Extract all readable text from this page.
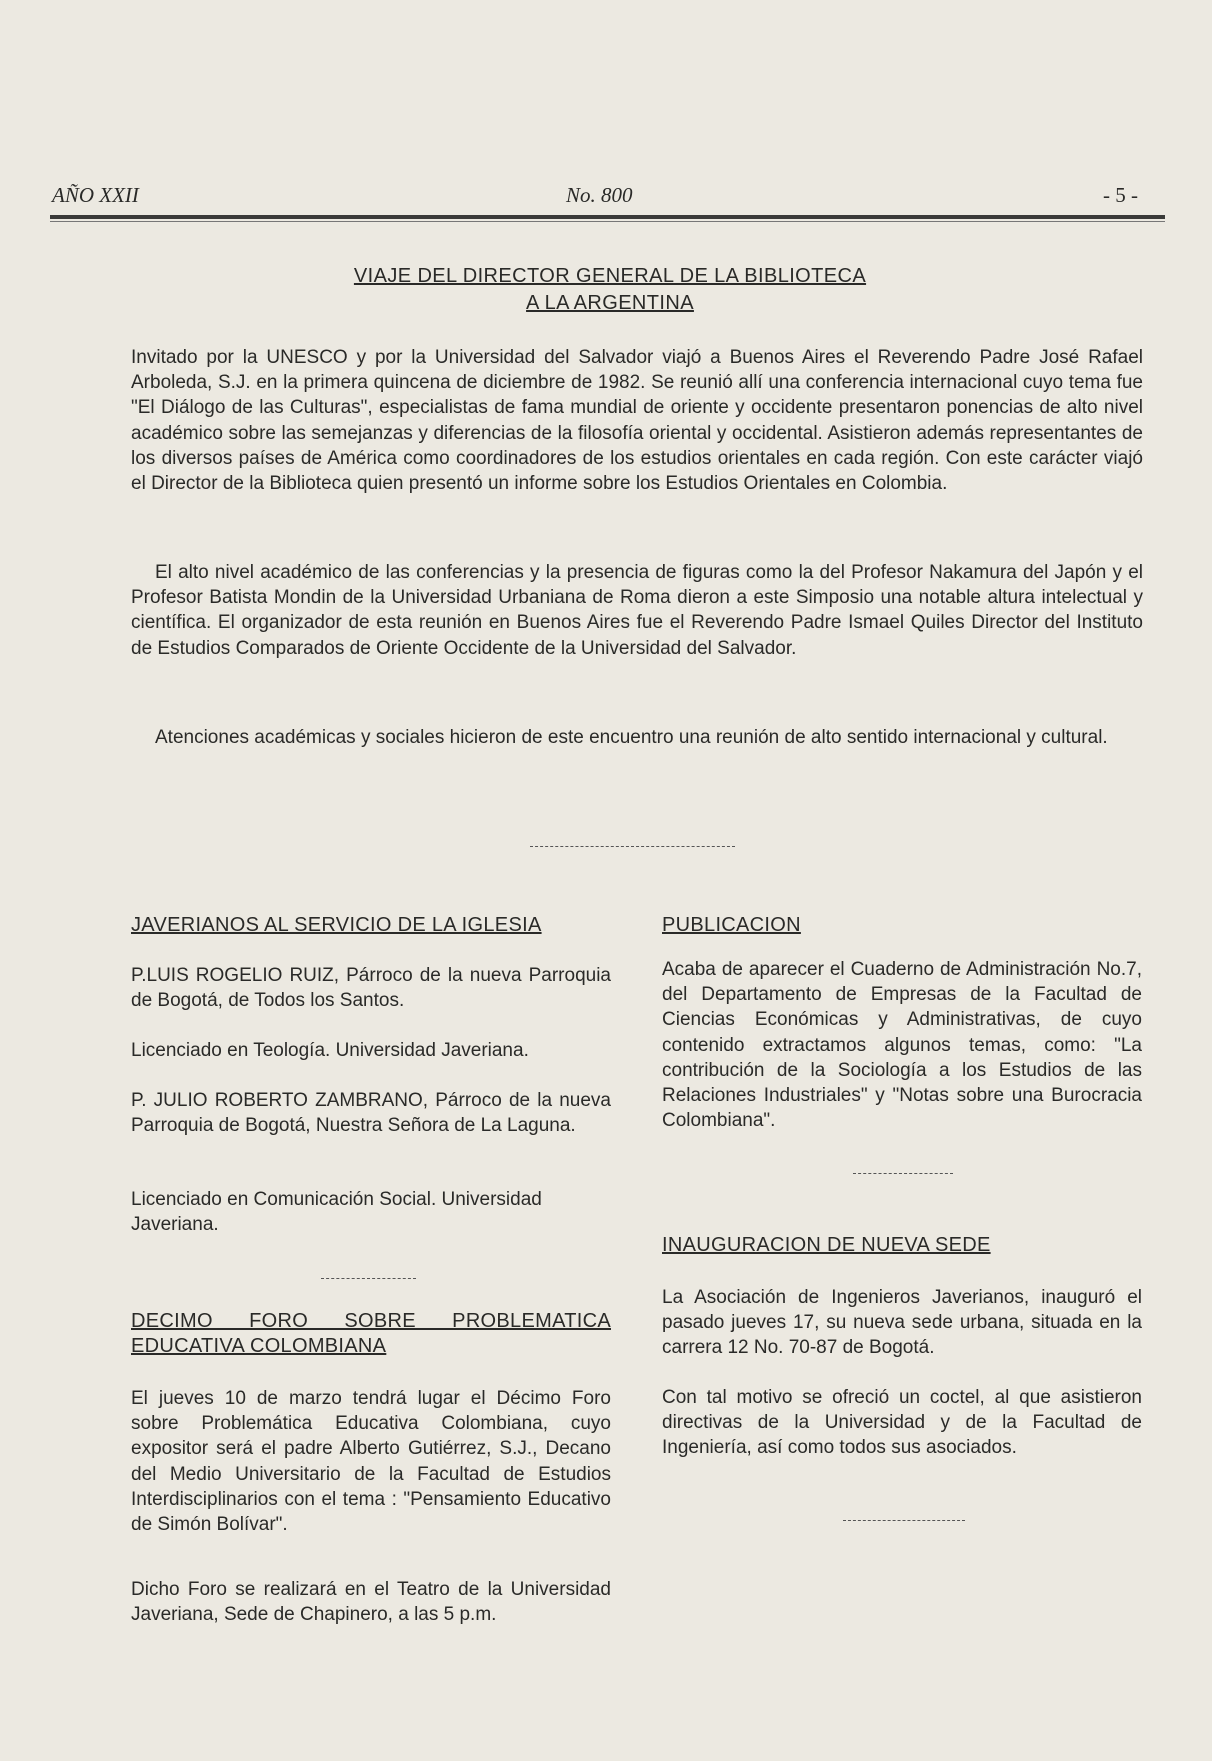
AÑO XXII	No. 800	- 5 -
VIAJE DEL DIRECTOR GENERAL DE LA BIBLIOTECA
A LA ARGENTINA

Invitado por la UNESCO y por la Universidad del Salvador viajó a Buenos Aires el Reverendo Padre José Rafael Arboleda, S.J. en la primera quincena de diciembre de 1982. Se reunió allí una conferencia internacional cuyo tema fue "El Diálogo de las Culturas", especialistas de fama mundial de oriente y occidente presentaron ponencias de alto nivel académico sobre las semejanzas y diferencias de la filosofía oriental y occidental. Asistieron además representantes de los diversos países de América como coordinadores de los estudios orientales en cada región. Con este carácter viajó el Director de la Biblioteca quien presentó un informe sobre los Estudios Orientales en Colombia.

El alto nivel académico de las conferencias y la presencia de figuras como la del Profesor Nakamura del Japón y el Profesor Batista Mondin de la Universidad Urbaniana de Roma dieron a este Simposio una notable altura intelectual y científica. El organizador de esta reunión en Buenos Aires fue el Reverendo Padre Ismael Quiles Director del Instituto de Estudios Comparados de Oriente Occidente de la Universidad del Salvador.

Atenciones académicas y sociales hicieron de este encuentro una reunión de alto sentido internacional y cultural.

JAVERIANOS AL SERVICIO DE LA IGLESIA

P.LUIS ROGELIO RUIZ, Párroco de la nueva Parroquia de Bogotá, de Todos los Santos.

Licenciado en Teología. Universidad Javeriana.

P. JULIO ROBERTO ZAMBRANO, Párroco de la nueva Parroquia de Bogotá, Nuestra Señora de La Laguna.

Licenciado en Comunicación Social. Universidad Javeriana.

DECIMO FORO SOBRE PROBLEMATICA EDUCATIVA COLOMBIANA

El jueves 10 de marzo tendrá lugar el Décimo Foro sobre Problemática Educativa Colombiana, cuyo expositor será el padre Alberto Gutiérrez, S.J., Decano del Medio Universitario de la Facultad de Estudios Interdisciplinarios con el tema : "Pensamiento Educativo de Simón Bolívar".

Dicho Foro se realizará en el Teatro de la Universidad Javeriana, Sede de Chapinero, a las 5 p.m.

PUBLICACION

Acaba de aparecer el Cuaderno de Administración No.7, del Departamento de Empresas de la Facultad de Ciencias Económicas y Administrativas, de cuyo contenido extractamos algunos temas, como: "La contribución de la Sociología a los Estudios de las Relaciones Industriales" y "Notas sobre una Burocracia Colombiana".

INAUGURACION DE NUEVA SEDE

La Asociación de Ingenieros Javerianos, inauguró el pasado jueves 17, su nueva sede urbana, situada en la carrera 12 No. 70-87 de Bogotá.

Con tal motivo se ofreció un coctel, al que asistieron directivas de la Universidad y de la Facultad de Ingeniería, así como todos sus asociados.
